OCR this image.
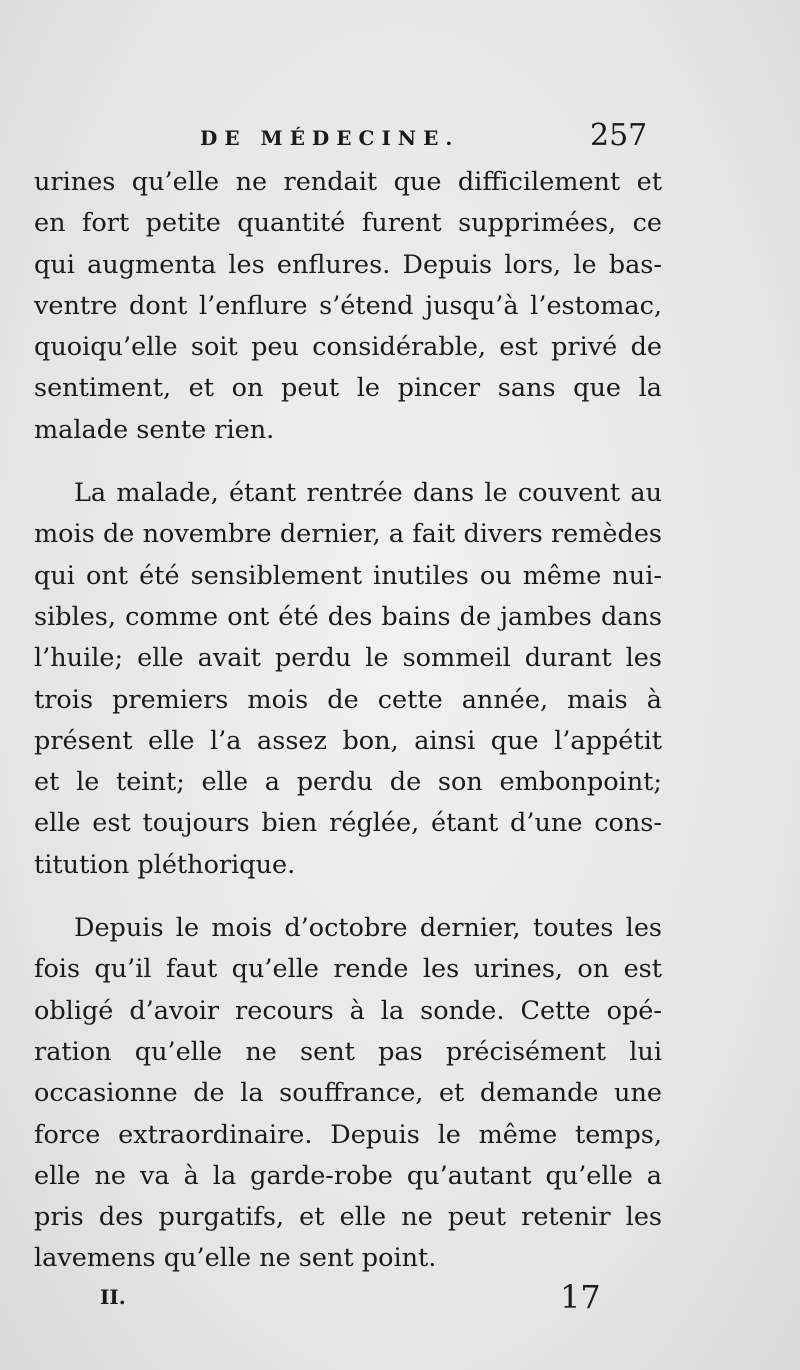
DE MÉDECINE.	257

urines qu’elle ne rendait que difficilement et
en fort petite quantité furent supprimées, ce
qui augmenta les enflures. Depuis lors, le bas-
ventre dont l’enflure s’étend jusqu’à l’estomac,
quoiqu’elle soit peu considérable, est privé de
sentiment, et on peut le pincer sans que la
malade sente rien.

La malade, étant rentrée dans le couvent au
mois de novembre dernier, a fait divers remèdes
qui ont été sensiblement inutiles ou même nui-
sibles, comme ont été des bains de jambes dans
l’huile; elle avait perdu le sommeil durant les
trois premiers mois de cette année, mais à
présent elle l’a assez bon, ainsi que l’appétit
et le teint; elle a perdu de son embonpoint;
elle est toujours bien réglée, étant d’une cons-
titution pléthorique.

Depuis le mois d’octobre dernier, toutes les
fois qu’il faut qu’elle rende les urines, on est
obligé d’avoir recours à la sonde. Cette opé-
ration qu’elle ne sent pas précisément lui
occasionne de la souffrance, et demande une
force extraordinaire. Depuis le même temps,
elle ne va à la garde-robe qu’autant qu’elle a
pris des purgatifs, et elle ne peut retenir les
lavemens qu’elle ne sent point.

II.	17
